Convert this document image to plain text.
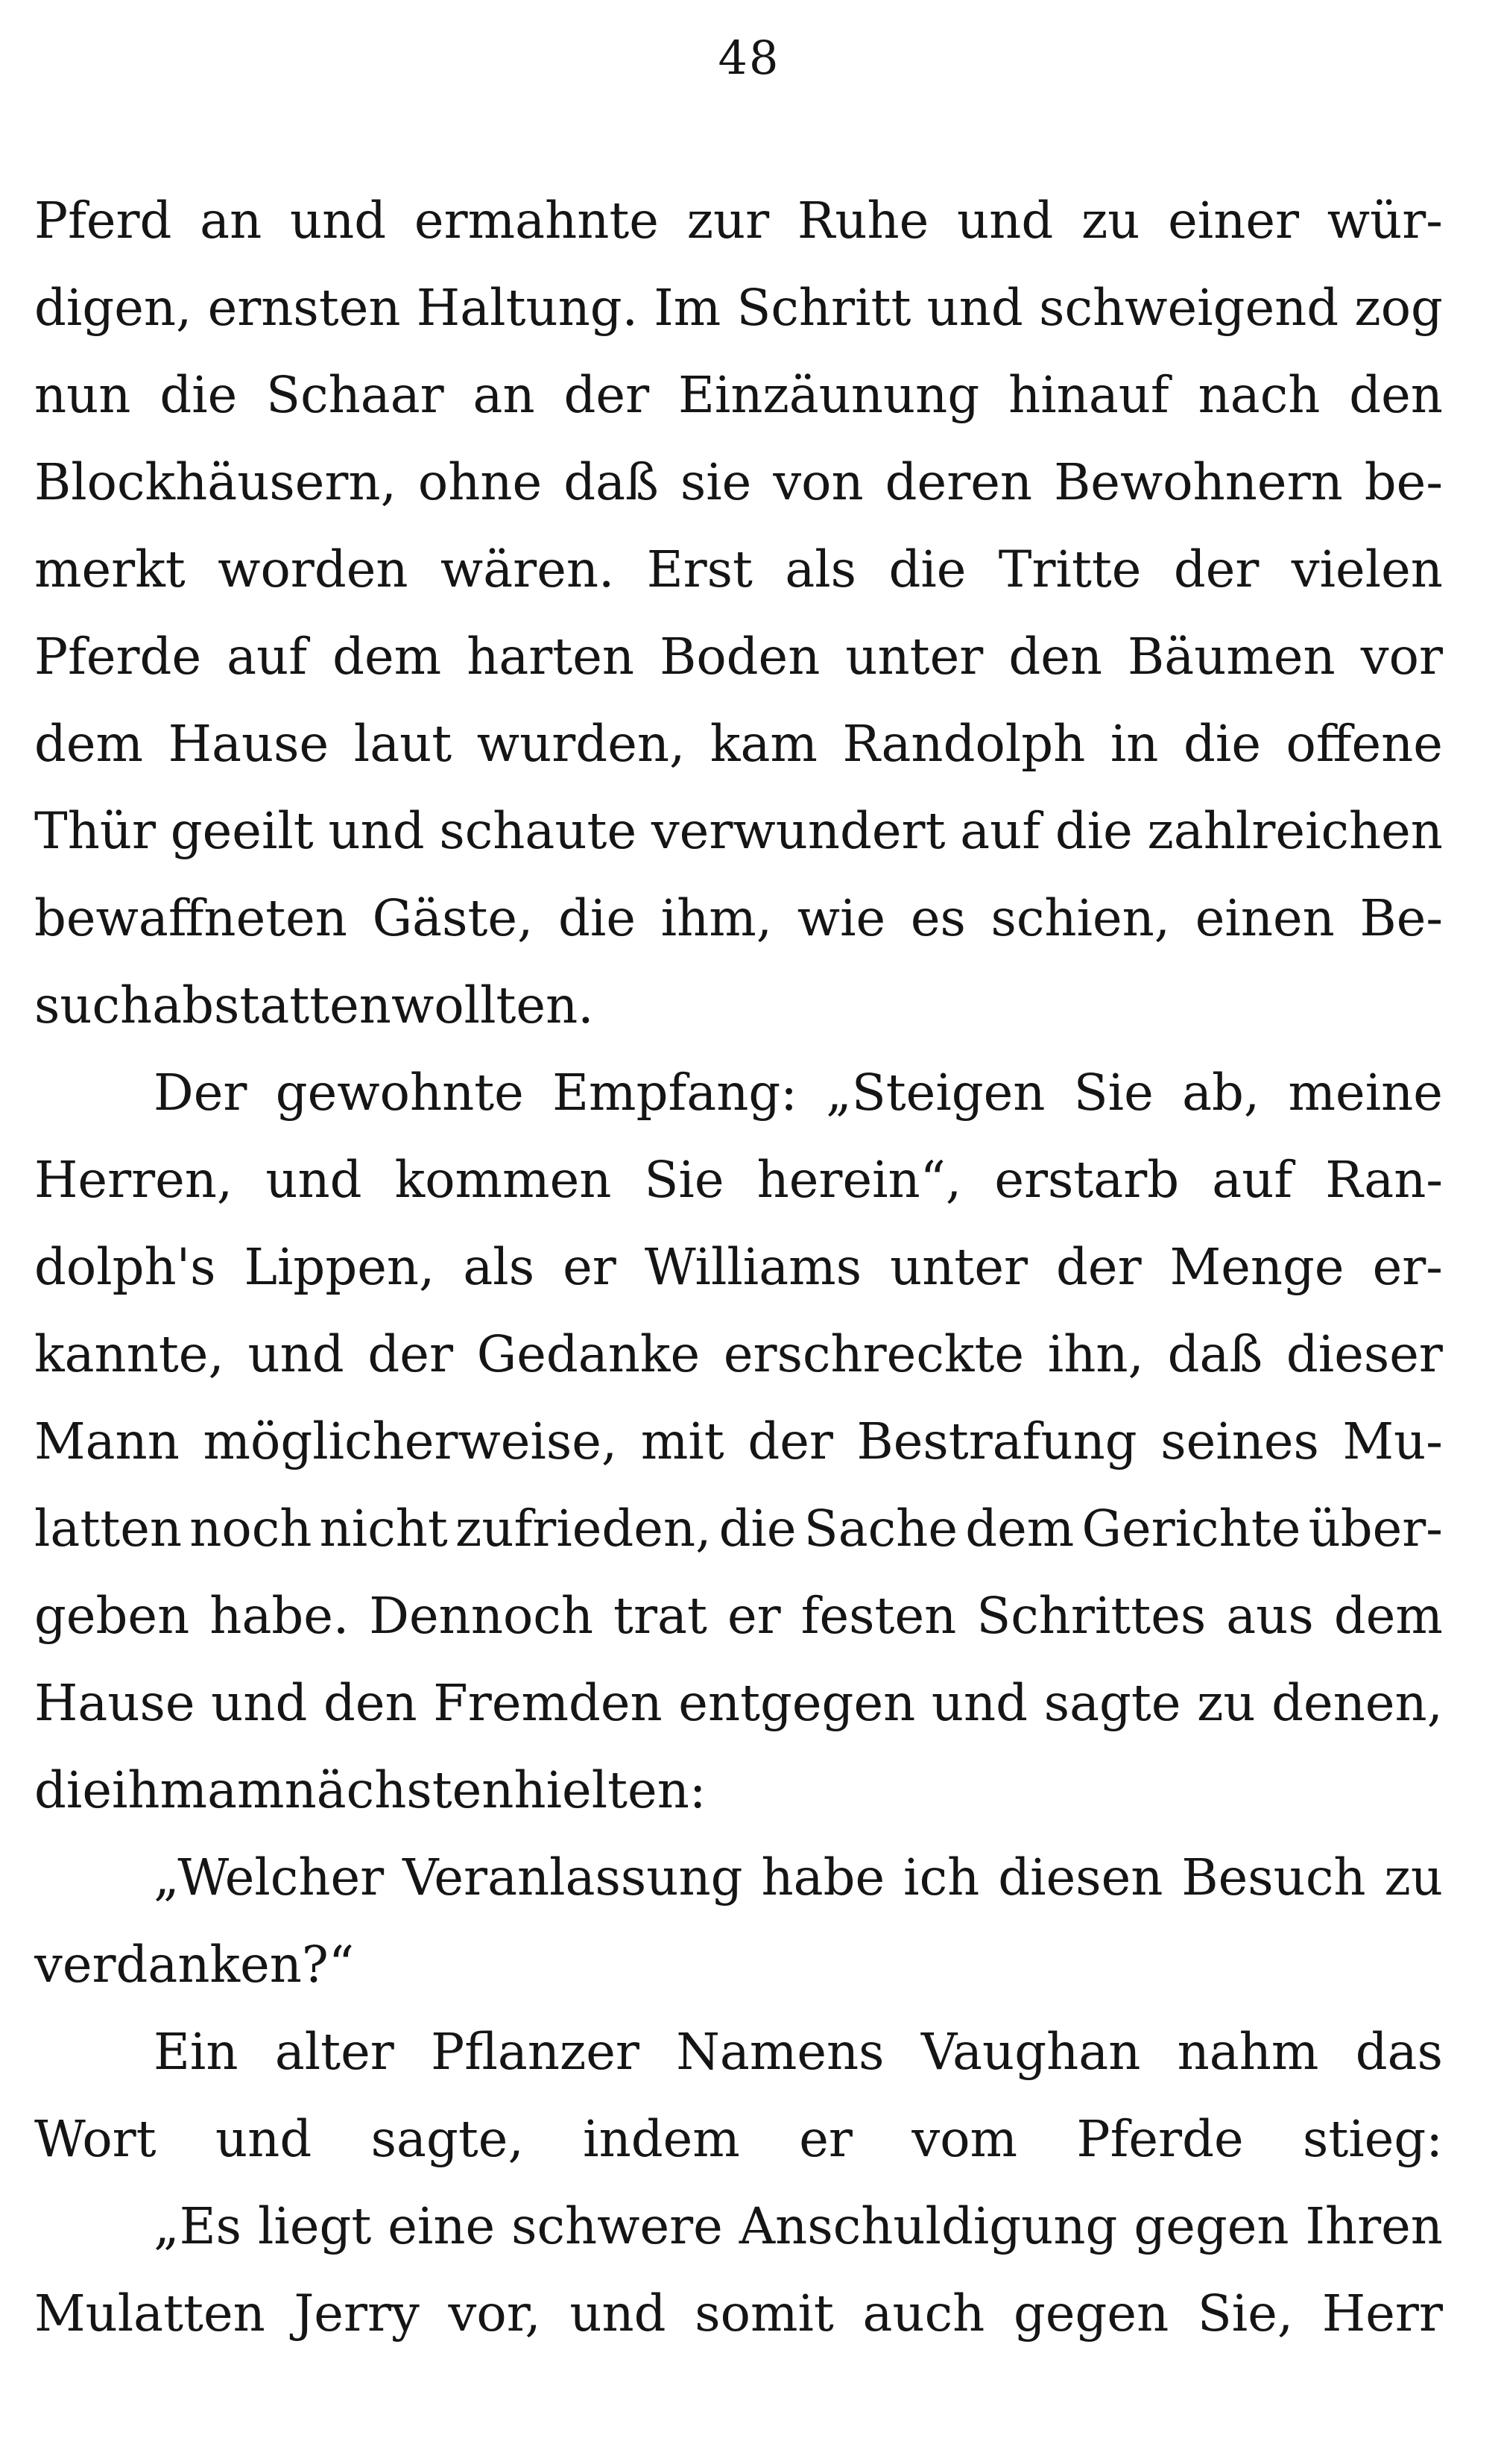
48
Pferd an und ermahnte zur Ruhe und zu einer wür-
digen, ernsten Haltung. Im Schritt und schweigend zog
nun die Schaar an der Einzäunung hinauf nach den
Blockhäusern, ohne daß sie von deren Bewohnern be-
merkt worden wären. Erst als die Tritte der vielen
Pferde auf dem harten Boden unter den Bäumen vor
dem Hause laut wurden, kam Randolph in die offene
Thür geeilt und schaute verwundert auf die zahlreichen
bewaffneten Gäste, die ihm, wie es schien, einen Be-
such abstatten wollten.
Der gewohnte Empfang: „Steigen Sie ab, meine
Herren, und kommen Sie herein“, erstarb auf Ran-
dolph's Lippen, als er Williams unter der Menge er-
kannte, und der Gedanke erschreckte ihn, daß dieser
Mann möglicherweise, mit der Bestrafung seines Mu-
latten noch nicht zufrieden, die Sache dem Gerichte über-
geben habe. Dennoch trat er festen Schrittes aus dem
Hause und den Fremden entgegen und sagte zu denen,
die ihm am nächsten hielten:
„Welcher Veranlassung habe ich diesen Besuch zu
verdanken?“
Ein alter Pflanzer Namens Vaughan nahm das
Wort und sagte, indem er vom Pferde stieg:
„Es liegt eine schwere Anschuldigung gegen Ihren
Mulatten Jerry vor, und somit auch gegen Sie, Herr
